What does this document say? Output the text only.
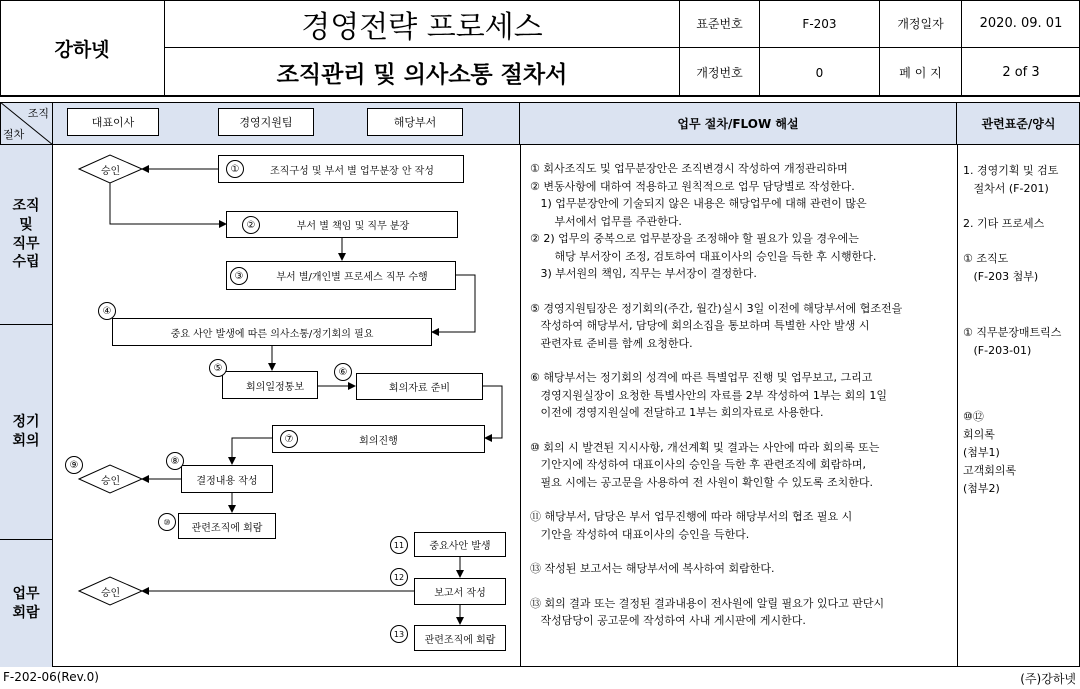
강하넷
경영전략 프로세스
조직관리 및 의사소통 절차서
표준번호	F-203	개정일자	2020. 09. 01
개정번호	0	페 이 지	2 of 3
조직
절차
대표이사	경영지원팀	해당부서	업무 절차/FLOW 해설	관련표준/양식
조직
및
직무
수립
정기
회의
업무
회람
승인
승인
승인
조직구성 및 부서 별 업무분장 안 작성
부서 별 책임 및 직무 분장
부서 별/개인별 프로세스 직무 수행
중요 사안 발생에 따른 의사소통/정기회의 필요
회의일정통보	회의자료 준비
회의진행
결정내용 작성
관련조직에 회람
중요사안 발생
보고서 작성
관련조직에 회람
①
②
③
④
⑤	⑥
⑦
⑧
⑨
⑩
11
12
13

① 회사조직도 및 업무분장안은 조직변경시 작성하여 개정관리하며

② 변동사항에 대하여 적용하고 원칙적으로 업무 담당별로 작성한다.

1) 업무분장안에 기술되지 않은 내용은 해당업무에 대해 관련이 많은

부서에서 업무를 주관한다.

② 2) 업무의 중복으로 업무분장을 조정해야 할 필요가 있을 경우에는

해당 부서장이 조정, 검토하여 대표이사의 승인을 득한 후 시행한다.

3) 부서원의 책임, 직무는 부서장이 결정한다.

⑤ 경영지원팀장은 정기회의(주간, 월간)실시 3일 이전에 해당부서에 협조전을

작성하여 해당부서, 담당에 회의소집을 통보하며 특별한 사안 발생 시

관련자료 준비를 함께 요청한다.

⑥ 해당부서는 정기회의 성격에 따른 특별업무 진행 및 업무보고, 그리고

경영지원실장이 요청한 특별사안의 자료를 2부 작성하여 1부는 회의 1일

이전에 경영지원실에 전달하고 1부는 회의자료로 사용한다.

⑩ 회의 시 발견된 지시사항, 개선계획 및 결과는 사안에 따라 회의록 또는

기안지에 작성하여 대표이사의 승인을 득한 후 관련조직에 회람하며,

필요 시에는 공고문을 사용하여 전 사원이 확인할 수 있도록 조치한다.

⑪ 해당부서, 담당은 부서 업무진행에 따라 해당부서의 협조 필요 시

기안을 작성하여 대표이사의 승인을 득한다.

⑬ 작성된 보고서는 해당부서에 복사하여 회람한다.

⑬ 회의 결과 또는 결정된 결과내용이 전사원에 알릴 필요가 있다고 판단시

작성담당이 공고문에 작성하여 사내 게시판에 게시한다.

1. 경영기획 및 검토

절차서 (F-201)

2. 기타 프로세스

① 조직도

(F-203 첨부)

① 직무분장매트릭스

(F-203-01)

⑩⑫

회의록

(첨부1)

고객회의록

(첨부2)

F-202-06(Rev.0)	(주)강하넷
